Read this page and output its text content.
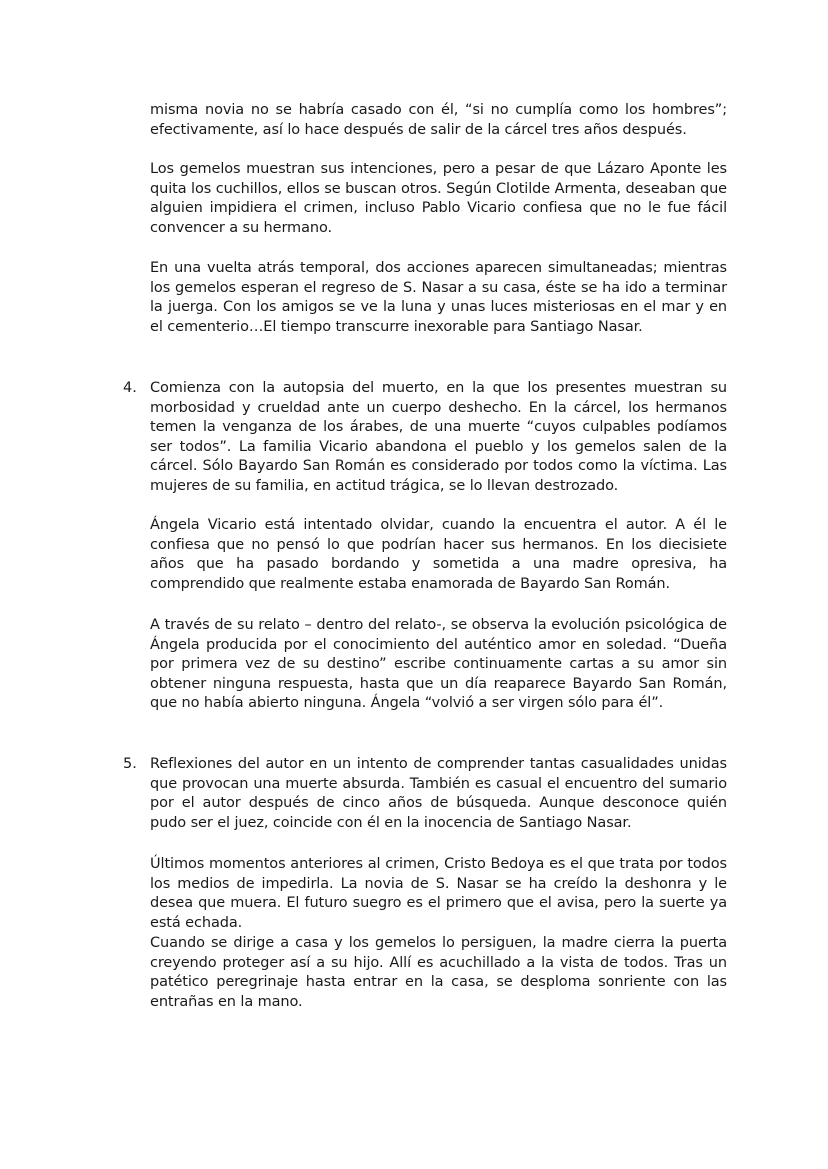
misma novia no se habría casado con él, “si no cumplía como los hombres”; efectivamente, así lo hace después de salir de la cárcel tres años después.

Los gemelos muestran sus intenciones, pero a pesar de que Lázaro Aponte les quita los cuchillos, ellos se buscan otros. Según Clotilde Armenta, deseaban que alguien impidiera el crimen, incluso Pablo Vicario confiesa que no le fue fácil convencer a su hermano.

En una vuelta atrás temporal, dos acciones aparecen simultaneadas; mientras los gemelos esperan el regreso de S. Nasar a su casa, éste se ha ido a terminar la juerga. Con los amigos se ve la luna y unas luces misteriosas en el mar y en el cementerio…El tiempo transcurre inexorable para Santiago Nasar.

4. Comienza con la autopsia del muerto, en la que los presentes muestran su morbosidad y crueldad ante un cuerpo deshecho. En la cárcel, los hermanos temen la venganza de los árabes, de una muerte “cuyos culpables podíamos ser todos”. La familia Vicario abandona el pueblo y los gemelos salen de la cárcel. Sólo Bayardo San Román es considerado por todos como la víctima. Las mujeres de su familia, en actitud trágica, se lo llevan destrozado.

Ángela Vicario está intentado olvidar, cuando la encuentra el autor. A él le confiesa que no pensó lo que podrían hacer sus hermanos. En los diecisiete años que ha pasado bordando y sometida a una madre opresiva, ha comprendido que realmente estaba enamorada de Bayardo San Román.

A través de su relato – dentro del relato-, se observa la evolución psicológica de Ángela producida por el conocimiento del auténtico amor en soledad. “Dueña por primera vez de su destino” escribe continuamente cartas a su amor sin obtener ninguna respuesta, hasta que un día reaparece Bayardo San Román, que no había abierto ninguna. Ángela “volvió a ser virgen sólo para él”.

5. Reflexiones del autor en un intento de comprender tantas casualidades unidas que provocan una muerte absurda. También es casual el encuentro del sumario por el autor después de cinco años de búsqueda. Aunque desconoce quién pudo ser el juez, coincide con él en la inocencia de Santiago Nasar.

Últimos momentos anteriores al crimen, Cristo Bedoya es el que trata por todos los medios de impedirla. La novia de S. Nasar se ha creído la deshonra y le desea que muera. El futuro suegro es el primero que el avisa, pero la suerte ya está echada.

Cuando se dirige a casa y los gemelos lo persiguen, la madre cierra la puerta creyendo proteger así a su hijo. Allí es acuchillado a la vista de todos. Tras un patético peregrinaje hasta entrar en la casa, se desploma sonriente con las entrañas en la mano.
